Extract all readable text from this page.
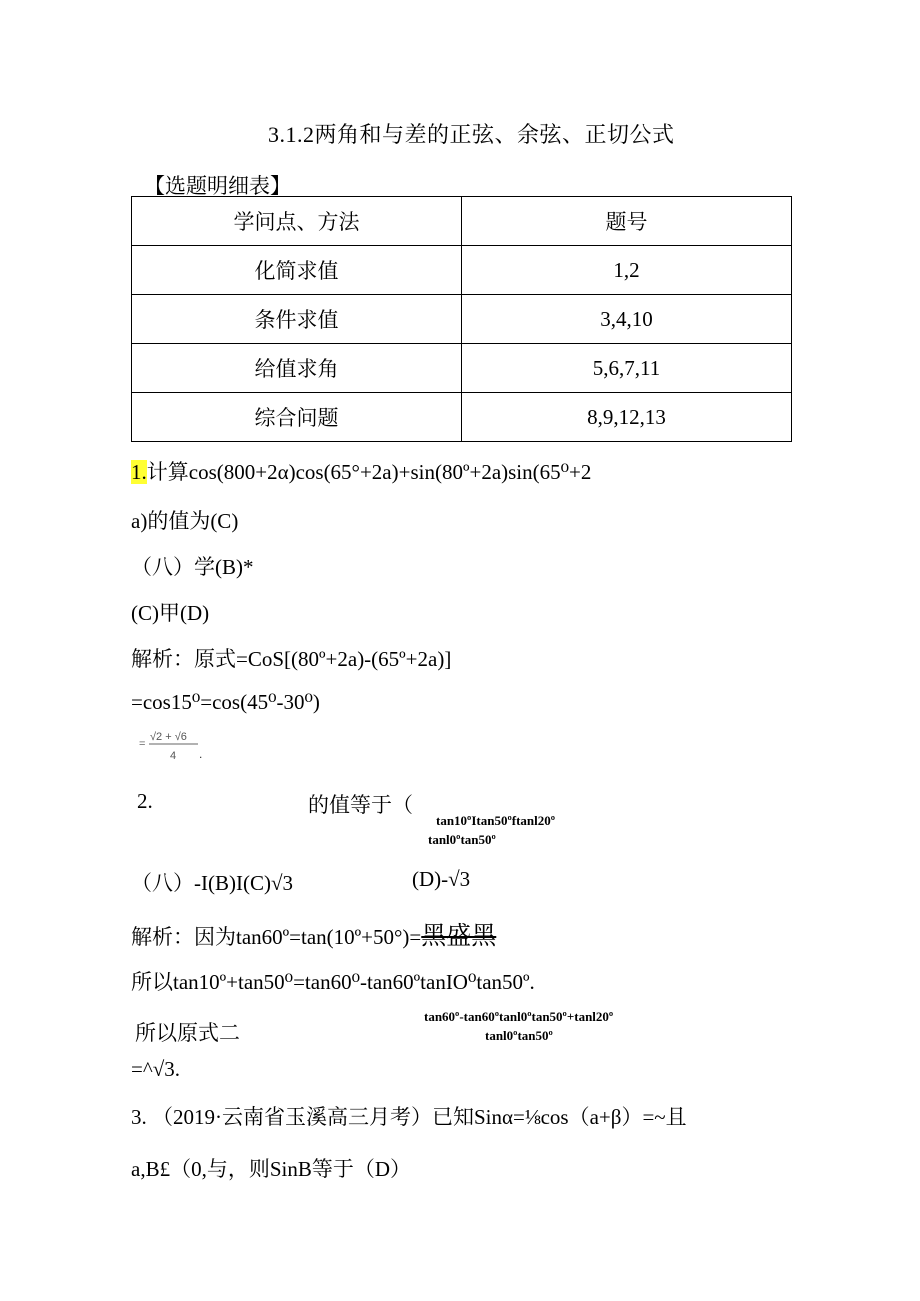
3.1.2两角和与差的正弦、余弦、正切公式
【选题明细表】
学问点、方法	题号
化简求值	1,2
条件求值	3,4,10
给值求角	5,6,7,11
综合问题	8,9,12,13
1.计算cos(800+2α)cos(65°+2a)+sin(80º+2a)sin(65⁰+2
a)的值为(C)
（八）学(B)*
(C)甲(D)
解析：原式=CoS[(80º+2a)-(65º+2a)]
=cos15⁰=cos(45⁰-30⁰)
=
√2 + √6
4 .
2.	的值等于（
tan10ºItan50ºftanl20º
tanl0ºtan50º
（八）-I(B)I(C)√3	(D)-√3
解析：因为tan60º=tan(10º+50°)=黑盛黑
所以tan10º+tan50⁰=tan60⁰-tan60ºtanIO⁰tan50º.
所以原式二
tan60º-tan60ºtanl0ºtan50º+tanl20º
tanl0ºtan50º
=^√3.
3. （2019·云南省玉溪高三月考）已知Sinα=⅛cos（a+β）=~且
a,B£（0,与，则SinB等于（D）
